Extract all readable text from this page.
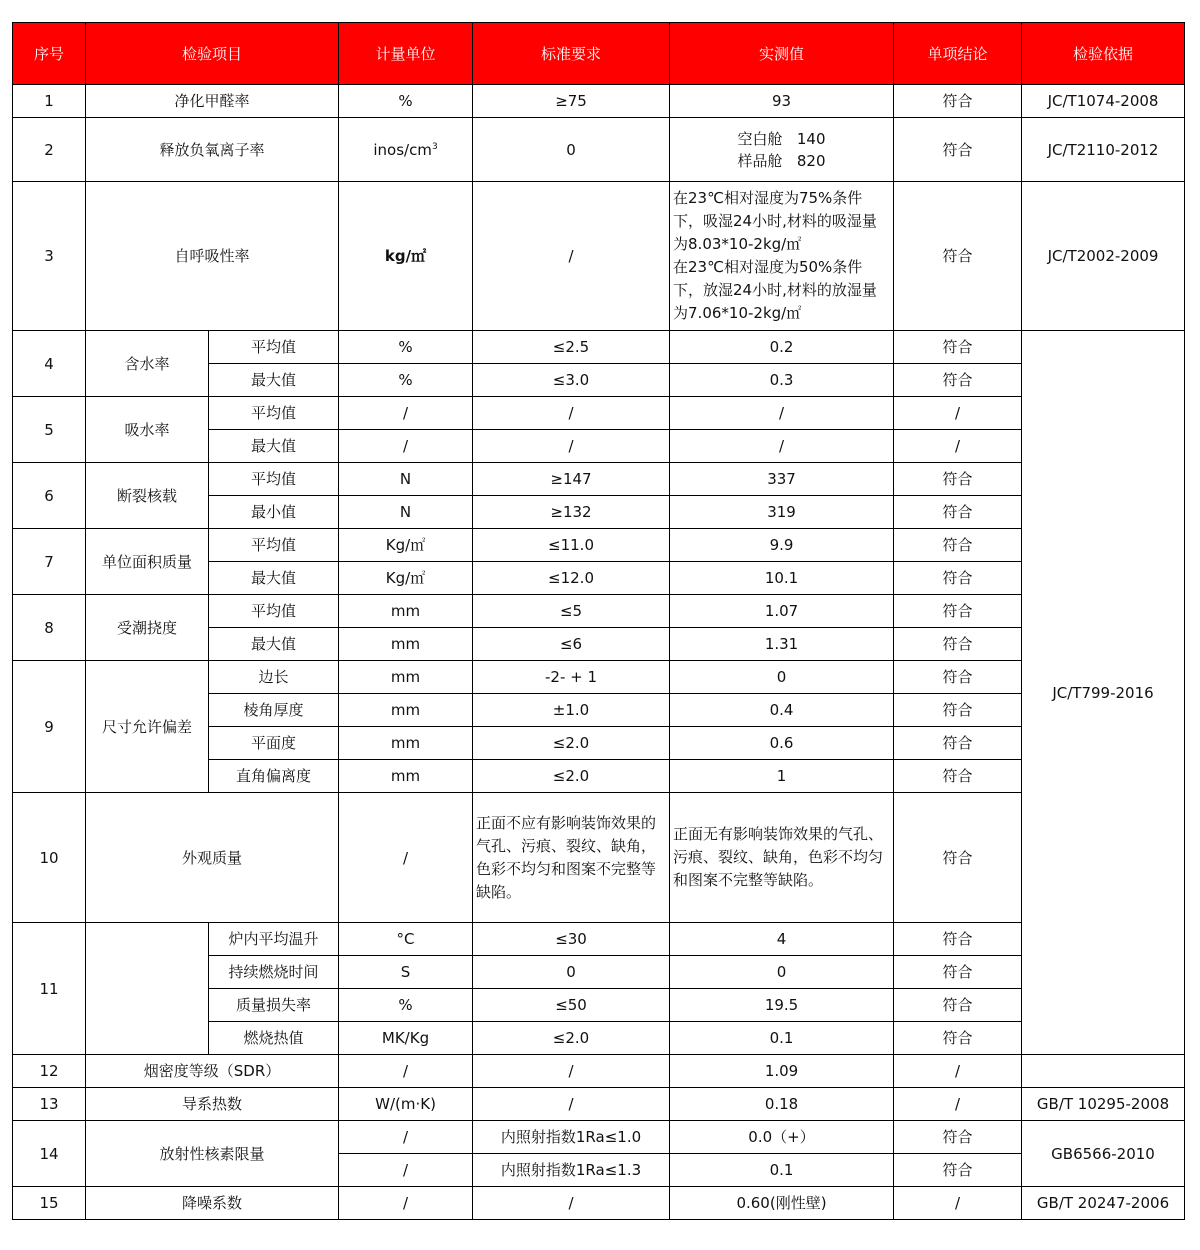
序号	检验项目		计量单位	标准要求	实测值	单项结论	检验依据	
1	净化甲醛率		%	≥75	93	符合	JC/T1074-2008	
2	释放负氧离子率		inos/$cm^3$	0	空白舱   140
样品舱   820	符合	JC/T2110-2012	
3	自呼吸性率		kg/㎡	/	在23℃相对湿度为75%条件下，吸湿24小时,材料的吸湿量为8.03*10-2kg/㎡
在23℃相对湿度为50%条件下，放湿24小时,材料的放湿量为7.06*10-2kg/㎡	符合	JC/T2002-2009	
4	含水率	平均值	%	≤2.5	0.2	符合	JC/T799-2016	
		最大值	%	≤3.0	0.3	符合		
5	吸水率	平均值	/	/	/	/		
		最大值	/	/	/	/		
6	断裂核载	平均值	N	≥147	337	符合		
		最小值	N	≥132	319	符合		
7	单位面积质量	平均值	Kg/㎡	≤11.0	9.9	符合		
		最大值	Kg/㎡	≤12.0	10.1	符合		
8	受潮挠度	平均值	mm	≤5	1.07	符合		
		最大值	mm	≤6	1.31	符合		
9	尺寸允许偏差	边长	mm	-2- + 1	0	符合		
		棱角厚度	mm	±1.0	0.4	符合		
		平面度	mm	≤2.0	0.6	符合		
		直角偏离度	mm	≤2.0	1	符合		
10	外观质量		/	正面不应有影响装饰效果的气孔、污痕、裂纹、缺角，色彩不均匀和图案不完整等缺陷。	正面无有影响装饰效果的气孔、污痕、裂纹、缺角，色彩不均匀和图案不完整等缺陷。	符合		
11		炉内平均温升	°C	≤30	4	符合	
		持续燃烧时间	S	0	0	符合		
		质量损失率	%	≤50	19.5	符合		
		燃烧热值	MK/Kg	≤2.0	0.1	符合		
12	烟密度等级（SDR）		/	/	1.09	/		
13	导系热数		W/(m·K)	/	0.18	/	GB/T 10295-2008	
14	放射性核素限量		/	内照射指数1Ra≤1.0	0.0（+）	符合	GB6566-2010	
			/	内照射指数1Ra≤1.3	0.1	符合		
15	降噪系数		/	/	0.60(刚性壁)	/	GB/T 20247-2006	
